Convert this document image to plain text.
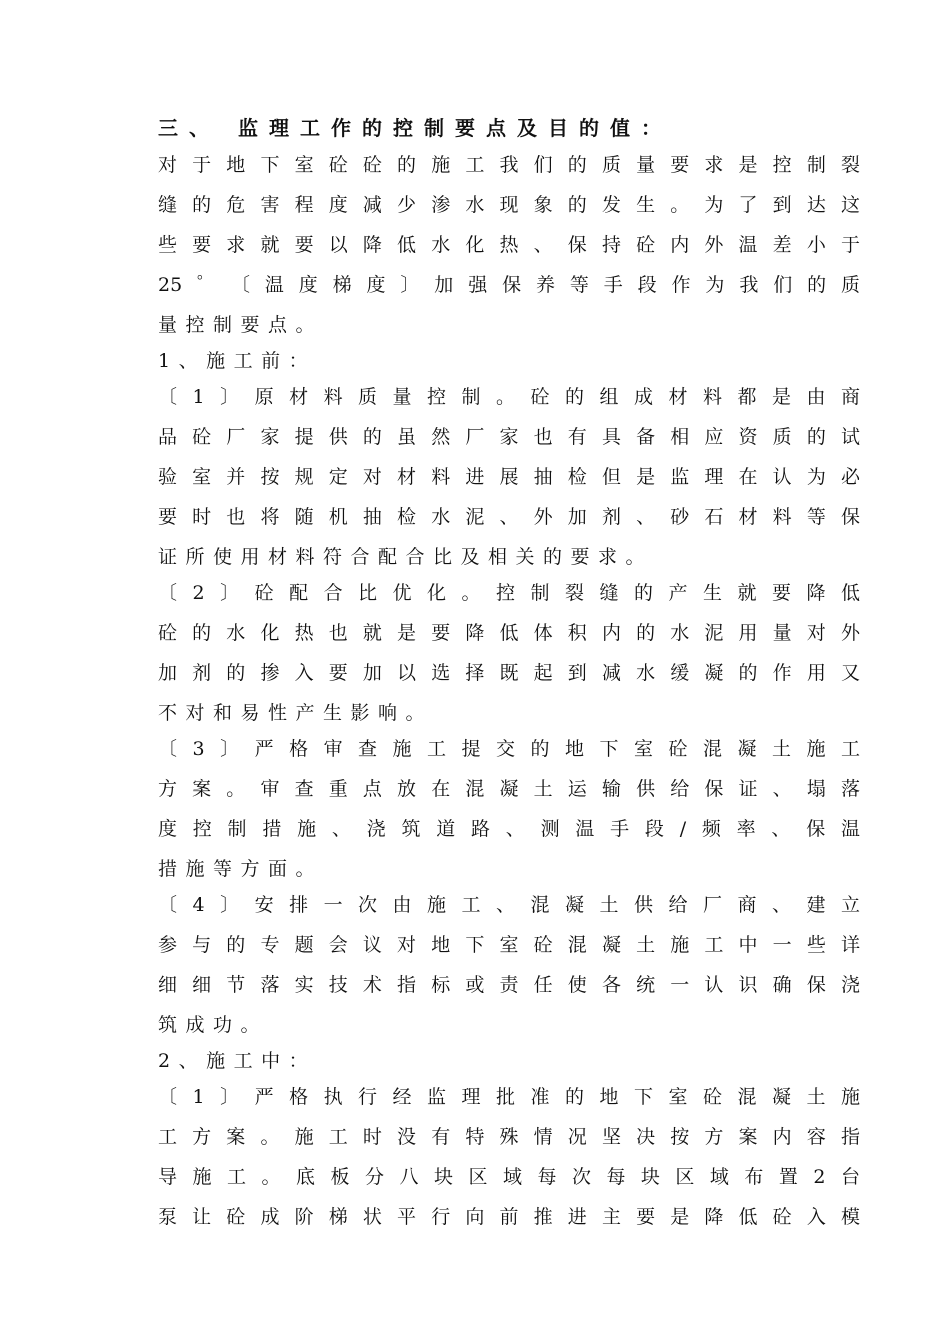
三、 监理工作的控制要点及目的值：
对于地下室砼砼的施工我们的质量要求是控制裂
缝的危害程度减少渗水现象的发生。为了到达这
些要求就要以降低水化热、保持砼内外温差小于
25゜〔温度梯度〕加强保养等手段作为我们的质
量控制要点。
1、施工前：
〔1〕原材料质量控制。砼的组成材料都是由商
品砼厂家提供的虽然厂家也有具备相应资质的试
验室并按规定对材料进展抽检但是监理在认为必
要时也将随机抽检水泥、外加剂、砂石材料等保
证所使用材料符合配合比及相关的要求。
〔2〕砼配合比优化。控制裂缝的产生就要降低
砼的水化热也就是要降低体积内的水泥用量对外
加剂的掺入要加以选择既起到减水缓凝的作用又
不对和易性产生影响。
〔3〕严格审查施工提交的地下室砼混凝土施工
方案。审查重点放在混凝土运输供给保证、塌落
度控制措施、浇筑道路、测温手段/频率、保温
措施等方面。
〔4〕安排一次由施工、混凝土供给厂商、建立
参与的专题会议对地下室砼混凝土施工中一些详
细细节落实技术指标或责任使各统一认识确保浇
筑成功。
2、施工中：
〔1〕严格执行经监理批准的地下室砼混凝土施
工方案。施工时没有特殊情况坚决按方案内容指
导施工。底板分八块区域每次每块区域布置2台
泵让砼成阶梯状平行向前推进主要是降低砼入模
